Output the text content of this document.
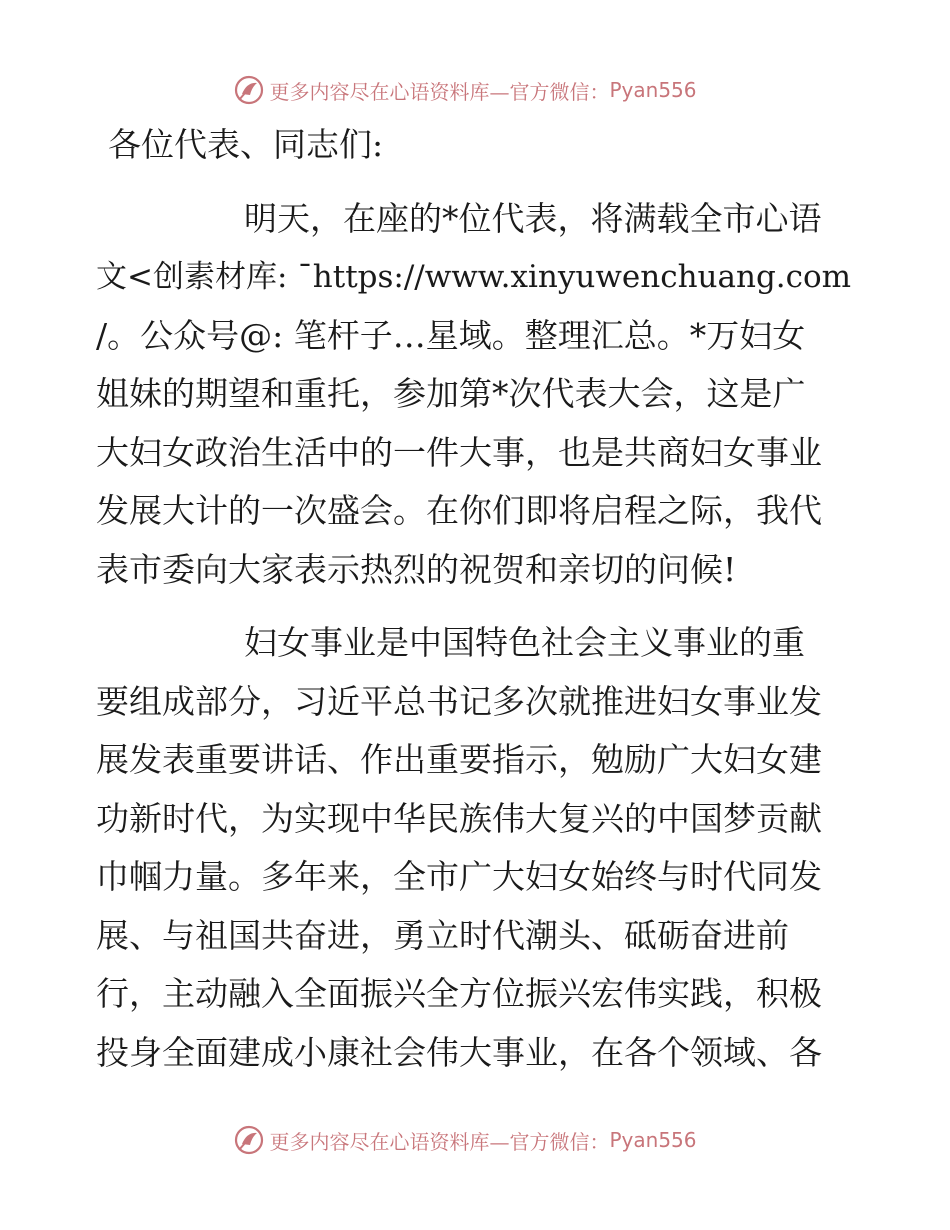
更多内容尽在心语资料库—官方微信： Pyan556
各位代表、同志们:
明天，在座的*位代表，将满载全市心语
文<创素材库: ¯https://www.xinyuwenchuang.com
/。公众号@: 笔杆子…星域。整理汇总。*万妇女
姐妹的期望和重托，参加第*次代表大会，这是广
大妇女政治生活中的一件大事，也是共商妇女事业
发展大计的一次盛会。在你们即将启程之际，我代
表市委向大家表示热烈的祝贺和亲切的问候!
妇女事业是中国特色社会主义事业的重
要组成部分，习近平总书记多次就推进妇女事业发
展发表重要讲话、作出重要指示，勉励广大妇女建
功新时代，为实现中华民族伟大复兴的中国梦贡献
巾帼力量。多年来，全市广大妇女始终与时代同发
展、与祖国共奋进，勇立时代潮头、砥砺奋进前
行，主动融入全面振兴全方位振兴宏伟实践，积极
投身全面建成小康社会伟大事业，在各个领域、各
更多内容尽在心语资料库—官方微信： Pyan556
